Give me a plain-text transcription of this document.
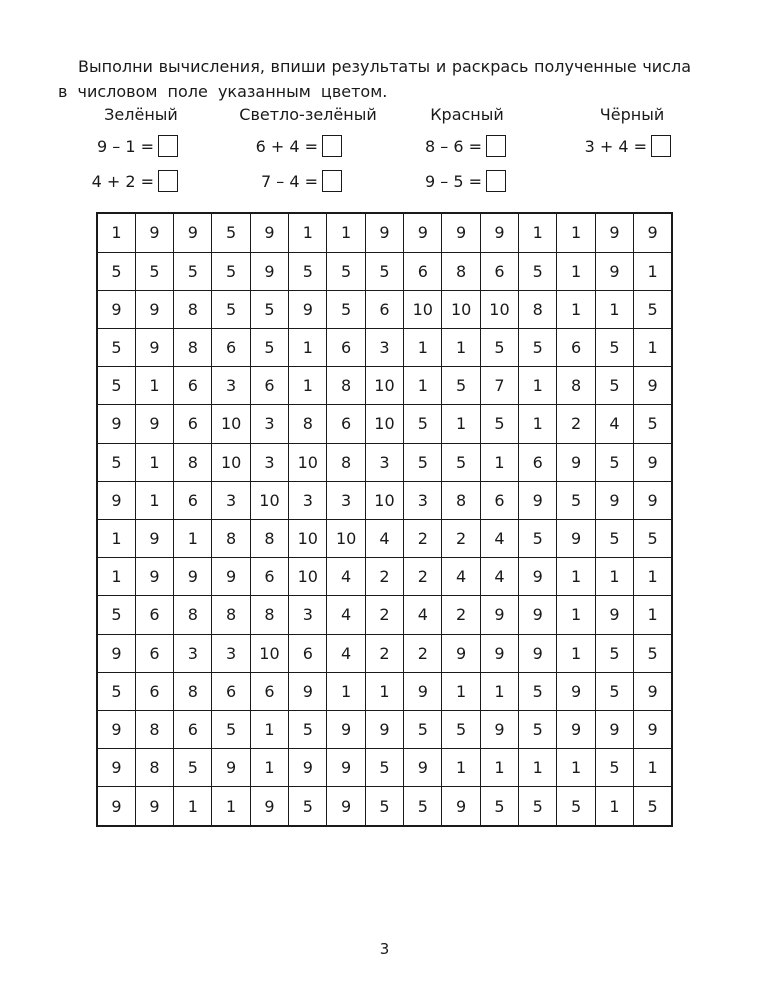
Выполни вычисления, впиши результаты и раскрась полученные числа
в числовом поле указанным цветом.
Зелёный
9 – 1 =
4 + 2 =
Светло-зелёный
6 + 4 =
7 – 4 =
Красный
8 – 6 =
9 – 5 =
Чёрный
3 + 4 =
1	9	9	5	9	1	1	9	9	9	9	1	1	9	9
5	5	5	5	9	5	5	5	6	8	6	5	1	9	1
9	9	8	5	5	9	5	6	10	10	10	8	1	1	5
5	9	8	6	5	1	6	3	1	1	5	5	6	5	1
5	1	6	3	6	1	8	10	1	5	7	1	8	5	9
9	9	6	10	3	8	6	10	5	1	5	1	2	4	5
5	1	8	10	3	10	8	3	5	5	1	6	9	5	9
9	1	6	3	10	3	3	10	3	8	6	9	5	9	9
1	9	1	8	8	10	10	4	2	2	4	5	9	5	5
1	9	9	9	6	10	4	2	2	4	4	9	1	1	1
5	6	8	8	8	3	4	2	4	2	9	9	1	9	1
9	6	3	3	10	6	4	2	2	9	9	9	1	5	5
5	6	8	6	6	9	1	1	9	1	1	5	9	5	9
9	8	6	5	1	5	9	9	5	5	9	5	9	9	9
9	8	5	9	1	9	9	5	9	1	1	1	1	5	1
9	9	1	1	9	5	9	5	5	9	5	5	5	1	5
3
